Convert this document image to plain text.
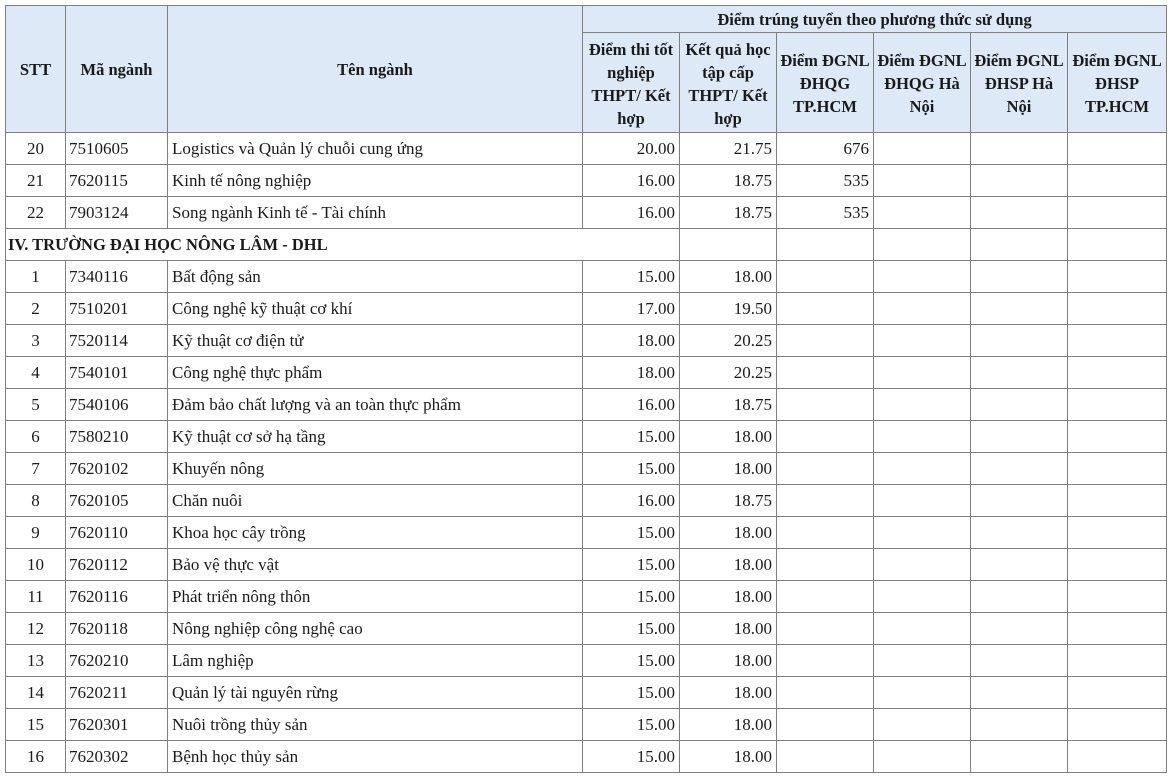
STT	Mã ngành	Tên ngành	Điểm trúng tuyển theo phương thức sử dụng					
			Điểm thi tốt nghiệp THPT/ Kết hợp	Kết quả học tập cấp THPT/ Kết hợp	Điểm ĐGNL ĐHQG TP.HCM	Điểm ĐGNL ĐHQG Hà Nội	Điểm ĐGNL ĐHSP Hà Nội	Điểm ĐGNL ĐHSP TP.HCM
20	7510605	Logistics và Quản lý chuỗi cung ứng	20.00	21.75	676			
21	7620115	Kinh tế nông nghiệp	16.00	18.75	535			
22	7903124	Song ngành Kinh tế - Tài chính	16.00	18.75	535			
IV. TRƯỜNG ĐẠI HỌC NÔNG LÂM - DHL								
1	7340116	Bất động sản	15.00	18.00				
2	7510201	Công nghệ kỹ thuật cơ khí	17.00	19.50				
3	7520114	Kỹ thuật cơ điện tử	18.00	20.25				
4	7540101	Công nghệ thực phẩm	18.00	20.25				
5	7540106	Đảm bảo chất lượng và an toàn thực phẩm	16.00	18.75				
6	7580210	Kỹ thuật cơ sở hạ tầng	15.00	18.00				
7	7620102	Khuyến nông	15.00	18.00				
8	7620105	Chăn nuôi	16.00	18.75				
9	7620110	Khoa học cây trồng	15.00	18.00				
10	7620112	Bảo vệ thực vật	15.00	18.00				
11	7620116	Phát triển nông thôn	15.00	18.00				
12	7620118	Nông nghiệp công nghệ cao	15.00	18.00				
13	7620210	Lâm nghiệp	15.00	18.00				
14	7620211	Quản lý tài nguyên rừng	15.00	18.00				
15	7620301	Nuôi trồng thủy sản	15.00	18.00				
16	7620302	Bệnh học thủy sản	15.00	18.00				
